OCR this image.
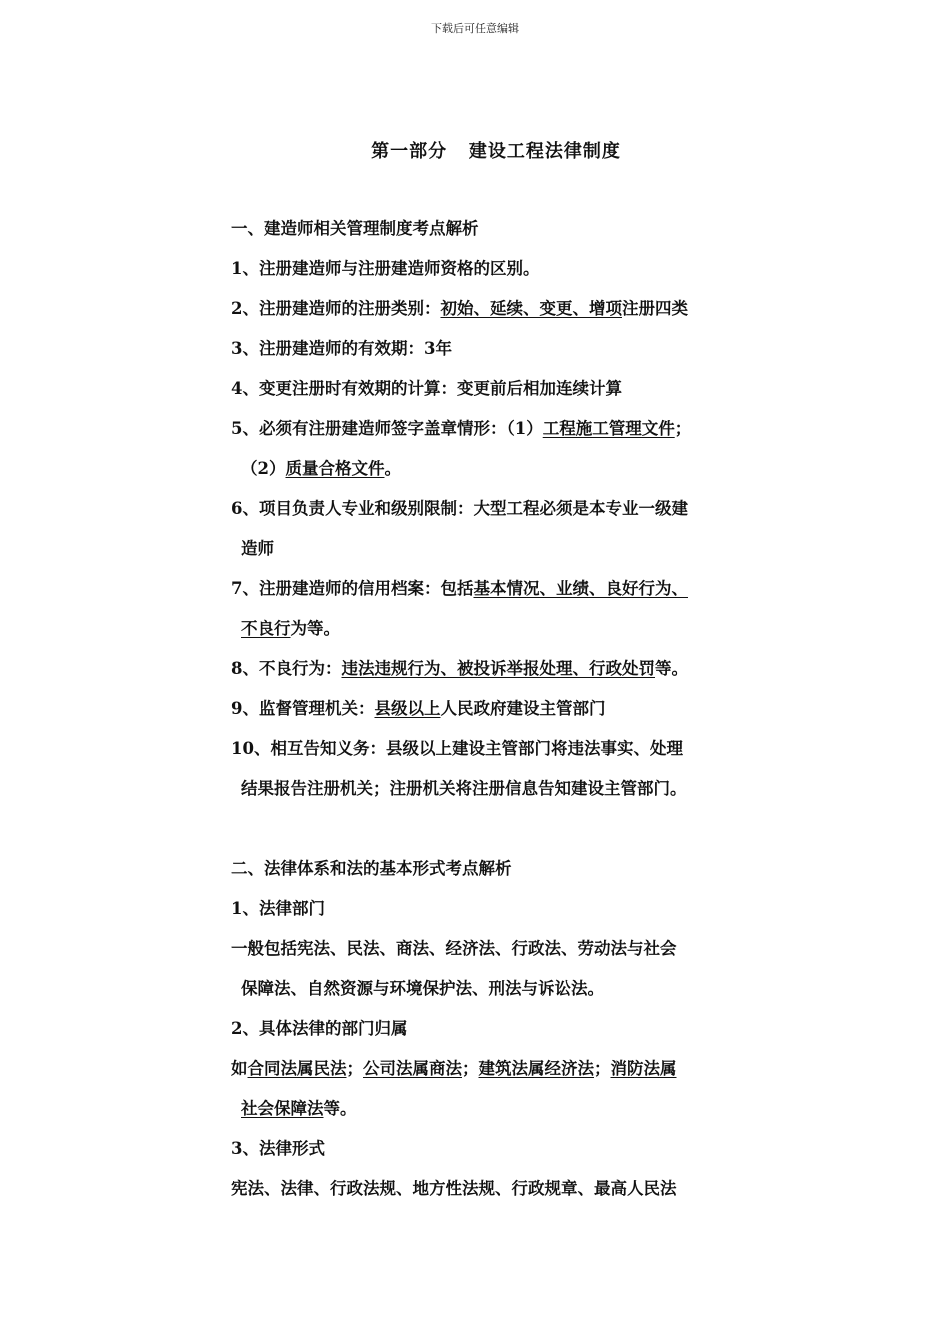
下载后可任意编辑
第一部分   建设工程法律制度
一、建造师相关管理制度考点解析
1、注册建造师与注册建造师资格的区别。
2、注册建造师的注册类别：初始、延续、变更、增项注册四类
3、注册建造师的有效期：3年
4、变更注册时有效期的计算：变更前后相加连续计算
5、必须有注册建造师签字盖章情形：（1）工程施工管理文件；
（2）质量合格文件。
6、项目负责人专业和级别限制：大型工程必须是本专业一级建
造师
7、注册建造师的信用档案：包括基本情况、业绩、良好行为、
不良行为等。
8、不良行为：违法违规行为、被投诉举报处理、行政处罚等。
9、监督管理机关：县级以上人民政府建设主管部门
10、相互告知义务：县级以上建设主管部门将违法事实、处理
结果报告注册机关；注册机关将注册信息告知建设主管部门。
二、法律体系和法的基本形式考点解析
1、法律部门
一般包括宪法、民法、商法、经济法、行政法、劳动法与社会
保障法、自然资源与环境保护法、刑法与诉讼法。
2、具体法律的部门归属
如合同法属民法；公司法属商法；建筑法属经济法；消防法属
社会保障法等。
3、法律形式
宪法、法律、行政法规、地方性法规、行政规章、最高人民法
